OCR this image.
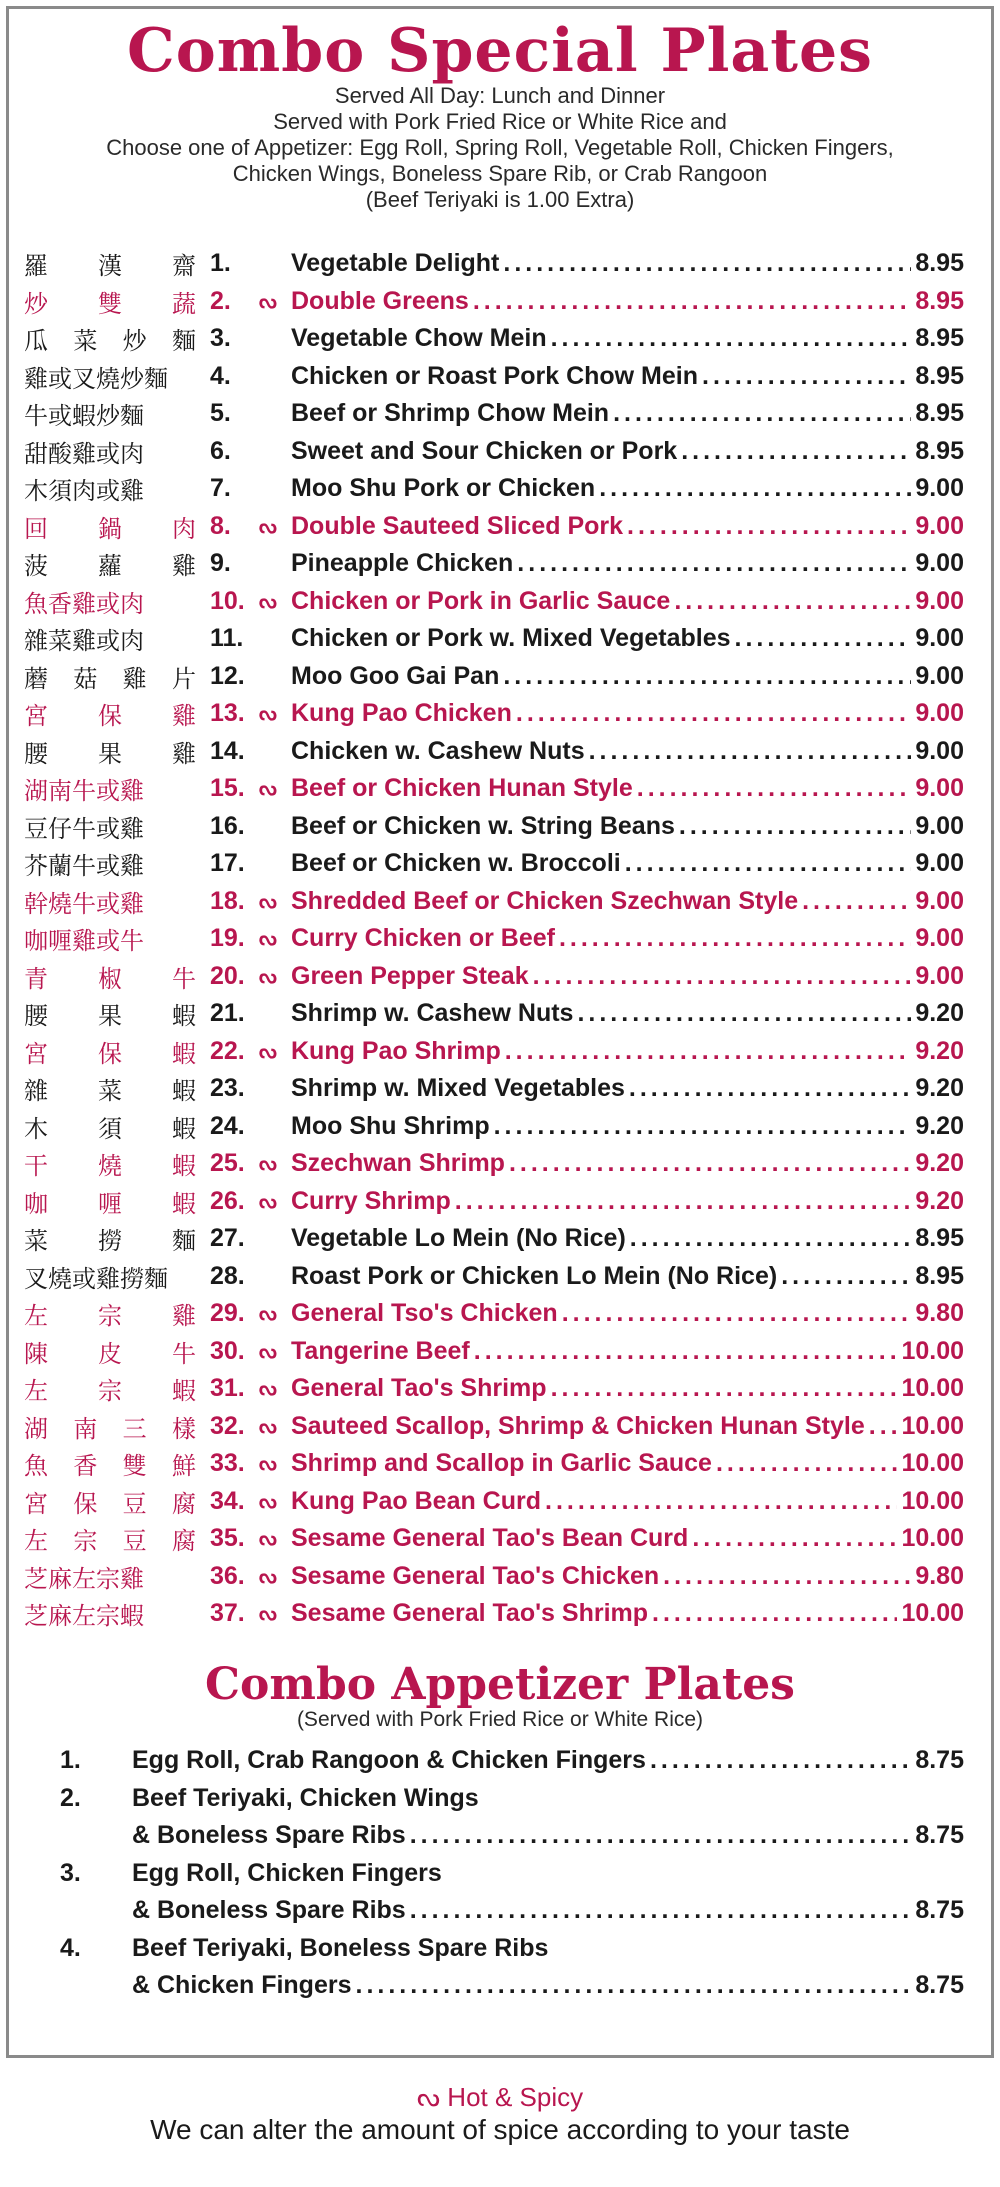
Combo Special Plates
Served All Day: Lunch and Dinner
Served with Pork Fried Rice or White Rice and
Choose one of Appetizer: Egg Roll, Spring Roll, Vegetable Roll, Chicken Fingers,
Chicken Wings, Boneless Spare Rib, or Crab Rangoon
(Beef Teriyaki is 1.00 Extra)
羅 漢 齋 1.	Vegetable Delight .....	8.95
炒 雙 蔬 2.	ᔓ Double Greens .....	8.95
瓜 菜 炒 麵 3.	Vegetable Chow Mein .....	8.95
雞或叉燒炒麵 4.	Chicken or Roast Pork Chow Mein .....	8.95
牛或蝦炒麵	5.	Beef or Shrimp Chow Mein .....	8.95
甜酸雞或肉	6.	Sweet and Sour Chicken or Pork .....	8.95
木須肉或雞	7.	Moo Shu Pork or Chicken .....	9.00
回 鍋 肉 8.	ᔓ Double Sauteed Sliced Pork .....	9.00
菠 蘿 雞 9.	Pineapple Chicken .....	9.00
魚香雞或肉	10. ᔓ Chicken or Pork in Garlic Sauce .....	9.00
雜菜雞或肉	11.	Chicken or Pork w. Mixed Vegetables .....	9.00
蘑 菇 雞 片 12.	Moo Goo Gai Pan .....	9.00
宮 保 雞 13. ᔓ Kung Pao Chicken .....	9.00
腰 果 雞 14.	Chicken w. Cashew Nuts .....	9.00
湖南牛或雞	15. ᔓ Beef or Chicken Hunan Style .....	9.00
豆仔牛或雞	16.	Beef or Chicken w. String Beans .....	9.00
芥蘭牛或雞	17.	Beef or Chicken w. Broccoli .....	9.00
幹燒牛或雞	18. ᔓ Shredded Beef or Chicken Szechwan Style .....	9.00
咖喱雞或牛	19. ᔓ Curry Chicken or Beef .....	9.00
青 椒 牛 20. ᔓ Green Pepper Steak .....	9.00
腰 果 蝦 21.	Shrimp w. Cashew Nuts .....	9.20
宮 保 蝦 22. ᔓ Kung Pao Shrimp .....	9.20
雜 菜 蝦 23.	Shrimp w. Mixed Vegetables .....	9.20
木 須 蝦 24.	Moo Shu Shrimp .....	9.20
干 燒 蝦 25. ᔓ Szechwan Shrimp .....	9.20
咖 喱 蝦 26. ᔓ Curry Shrimp .....	9.20
菜 撈 麵 27.	Vegetable Lo Mein (No Rice) .....	8.95
叉燒或雞撈麵 28.	Roast Pork or Chicken Lo Mein (No Rice) .....	8.95
左 宗 雞 29. ᔓ General Tso's Chicken .....	9.80
陳 皮 牛 30. ᔓ Tangerine Beef .....	10.00
左 宗 蝦 31. ᔓ General Tao's Shrimp .....	10.00
湖 南 三 樣 32. ᔓ Sauteed Scallop, Shrimp & Chicken Hunan Style ..... 10.00
魚 香 雙 鮮 33. ᔓ Shrimp and Scallop in Garlic Sauce .....	10.00
宮 保 豆 腐 34. ᔓ Kung Pao Bean Curd .....	10.00
左 宗 豆 腐 35. ᔓ Sesame General Tao's Bean Curd .....	10.00
芝麻左宗雞	36. ᔓ Sesame General Tao's Chicken .....	9.80
芝麻左宗蝦	37. ᔓ Sesame General Tao's Shrimp .....	10.00
Combo Appetizer Plates
(Served with Pork Fried Rice or White Rice)
1.	Egg Roll, Crab Rangoon & Chicken Fingers .....	8.75
2.	Beef Teriyaki, Chicken Wings
& Boneless Spare Ribs .....	8.75
3.	Egg Roll, Chicken Fingers
& Boneless Spare Ribs .....	8.75
4.	Beef Teriyaki, Boneless Spare Ribs
& Chicken Fingers .....	8.75
ᔓ Hot & Spicy
We can alter the amount of spice according to your taste
